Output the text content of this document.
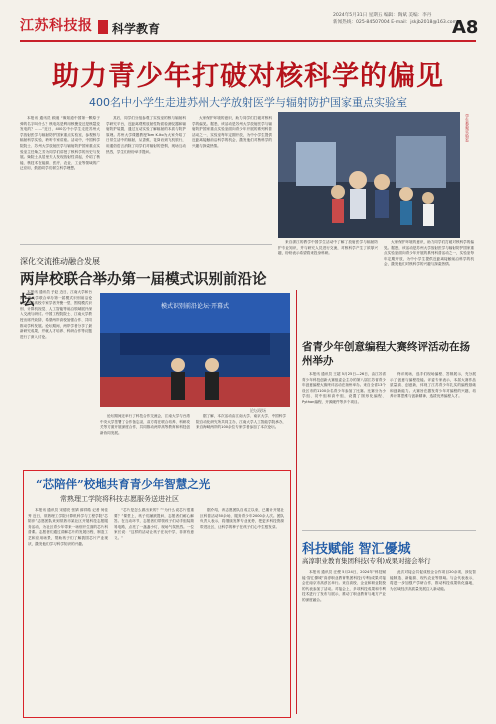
江苏科技报 科学教育
2024年5月31日 星期五 编辑：陶斌 美编：李丹
新闻热线：025-84507004 E-mail：jskjb2018@163.com
A8
助力青少年打破对核科学的偏见
400名中小学生走进苏州大学放射医学与辐射防护国家重点实验室

本报讯 通讯员 顾迪 “像知道中国第一颗原子弹的名字叫什么？核电站是利用核聚变还是核裂变发电的？……”近日，400名中小学生走进苏州大学放射医学与辐射防护国家重点实验室，参观核与辐射科学实验，聆听专家讲座。活动中，中国科学院院士、苏州大学放射医学与辐射防护国家重点实验室主任柴之芳为同学们讲授了核科学的历史与发展。柴院士从居里夫人发现放射性讲起，介绍了核能、核技术在能源、医疗、农业、工业等领域的广泛应用，鼓励同学们树立科学理想。

其后，同学们分组参观了实验室的核与辐射科学研究平台，近距离观察放射性物质检测仪器和辐射防护装置，通过互动实验了解辐射的本质与防护原理。苏州大学课题教授Tom K.Ito为大家介绍了日常生活中的辐射，从香蕉、花岗岩到飞机旅行，用通俗语言消除了同学们对辐射的恐惧，现场互动热烈，学生们纷纷举手提问。

大家保护环境的意识，助力同学们打破对核科学的偏见。据悉，该活动是苏州大学放射医学与辐射防护国家重点实验室面向青少年开展的系列科普活动之一，实验室每年定期开放，为中小学生提供近距离接触前沿科学的机会，激发他们对核科学的兴趣与探索热情。

学生参观实验室

来自浙江的教学中国学生活动中了解了放射医学与辐射防护专业知识，并与研究人员进行交流，对核科学产生了浓厚兴趣，纷纷表示希望将来投身科研。

大家保护环境的意识，助力同学们打破对核科学的偏见。据悉，该活动是苏州大学放射医学与辐射防护国家重点实验室面向青少年开展的系列科普活动之一，实验室每年定期开放，为中小学生提供近距离接触前沿科学的机会，激发他们对核科学的兴趣与探索热情。

深化交流推动融合发展
两岸校联合举办第一届模式识别前沿论坛

本报讯 通讯员 予赵 近日，江南大学和台湾中央大学联合举办第一届模式识别前沿论坛。两岸高校专家学者齐聚一堂，围绕模式识别、计算机视觉、人工智能等前沿领域展开深入交流与研讨。中国工程院院士、江南大学教授出席并致辞，希望两岸高校加强合作、共同推动学科发展。论坛期间，两岸学者分享了最新研究成果，并就人才培养、科研合作等议题进行了深入讨论。

模式识别前沿论坛·开幕式
论坛现场

论坛期间还举行了科技合作交流会，江南大学与台湾中央大学签署了合作备忘录，双方将在联合培养、科研攻关等方面开展深度合作，共同推动两岸高等教育和科技创新协同发展。

据了解，本次活动由江南大学、南京大学、中国科学院自动化研究所共同主办，江南大学人工智能学院承办，来自海峡两岸的100余位专家学者参加了本次论坛。

“芯陪伴”校地共育青少年智慧之光
常熟理工学院将科技志愿服务送进社区

本报讯 通讯员 宋德亮 张婧 薛祥皓 记者 何佳秀 近日，常熟理工学院计算机科学与工程学院“芯陪伴”志愿团队来到常熟市某社区开展科技志愿服务活动，为社区青少年带来一场别开生面的芯片科普课。志愿者们通过讲解芯片的发展历程、制造工艺和应用场景，帮助孩子们了解我国芯片产业现状，激发他们学习科学知识的兴趣。

“芯片是怎么做出来的？”“为什么说芯片很重要？”课堂上，孩子们踊跃提问，志愿者们耐心解答。在互动环节，志愿者们带领孩子们动手组装简易电路，点亮了一盏盏小灯，现场气氛热烈。一位家长说：“这样的活动让孩子在玩中学，非常有意义。”

据介绍，该志愿团队自成立以来，已累计开展社区科普活动50余场，服务青少年2000余人次。团队负责人表示，将继续发挥专业优势，把更多科技资源带进社区，让科学的种子在孩子们心中生根发芽。

省青少年创意编程大赛终评活动在扬州举办

本报讯 通讯员 王超 5月25日—26日，由江苏省青少年科技创新大赛组委会主办的第八届江苏省青少年创意编程大赛终评活动在扬州举办。来自全省13个设区市的1100余名青少年参加了比赛。比赛分为小学组、初中组和高中组，设置了图形化编程、Python编程、开源硬件等多个项目。

终评现场，选手们现场编程、答辩展示，充分展示了创意与编程技能。评委专家表示，本届大赛作品质量高、创意新，体现了江苏青少年扎实的编程基础和创新能力。大赛旨在激发青少年对编程的兴趣，培养计算思维与创新精神，选拔优秀编程人才。

科技赋能 智汇優城
高淳职业教育集团科技(专利)成果对接会举行

本报讯 通讯员 汪俊 5月24日，2024年“科技赋能·智汇優城”高淳职业教育集团科技(专利)成果对接会在南京市高淳区举行。来自高校、企业和职业院校的代表参加了活动。对接会上，多项科技成果和专利技术进行了发布与展示，推动了职业教育与地方产业的深度融合。

此次对接会共促成校企合作项目20余项，涉及智能制造、新能源、现代农业等领域。与会代表表示，将进一步加强产学研合作，推动科技成果转化落地，为区域经济高质量发展注入新动能。
